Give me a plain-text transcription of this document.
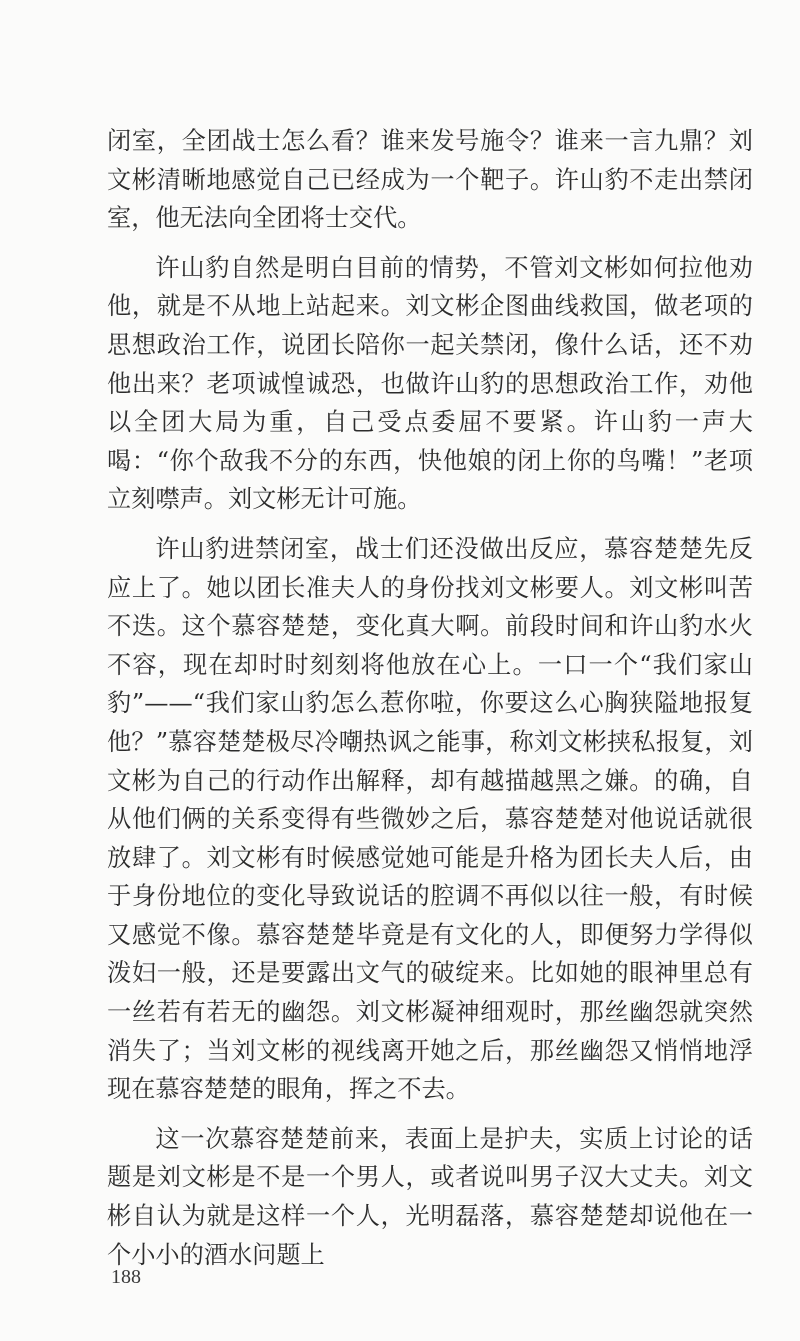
闭室，全团战士怎么看？谁来发号施令？谁来一言九鼎？刘文彬清晰地感觉自己已经成为一个靶子。许山豹不走出禁闭室，他无法向全团将士交代。

许山豹自然是明白目前的情势，不管刘文彬如何拉他劝他，就是不从地上站起来。刘文彬企图曲线救国，做老项的思想政治工作，说团长陪你一起关禁闭，像什么话，还不劝他出来？老项诚惶诚恐，也做许山豹的思想政治工作，劝他以全团大局为重，自己受点委屈不要紧。许山豹一声大喝：“你个敌我不分的东西，快他娘的闭上你的鸟嘴！”老项立刻噤声。刘文彬无计可施。

许山豹进禁闭室，战士们还没做出反应，慕容楚楚先反应上了。她以团长准夫人的身份找刘文彬要人。刘文彬叫苦不迭。这个慕容楚楚，变化真大啊。前段时间和许山豹水火不容，现在却时时刻刻将他放在心上。一口一个“我们家山豹”——“我们家山豹怎么惹你啦，你要这么心胸狭隘地报复他？”慕容楚楚极尽冷嘲热讽之能事，称刘文彬挟私报复，刘文彬为自己的行动作出解释，却有越描越黑之嫌。的确，自从他们俩的关系变得有些微妙之后，慕容楚楚对他说话就很放肆了。刘文彬有时候感觉她可能是升格为团长夫人后，由于身份地位的变化导致说话的腔调不再似以往一般，有时候又感觉不像。慕容楚楚毕竟是有文化的人，即便努力学得似泼妇一般，还是要露出文气的破绽来。比如她的眼神里总有一丝若有若无的幽怨。刘文彬凝神细观时，那丝幽怨就突然消失了；当刘文彬的视线离开她之后，那丝幽怨又悄悄地浮现在慕容楚楚的眼角，挥之不去。

这一次慕容楚楚前来，表面上是护夫，实质上讨论的话题是刘文彬是不是一个男人，或者说叫男子汉大丈夫。刘文彬自认为就是这样一个人，光明磊落，慕容楚楚却说他在一个小小的酒水问题上

188
